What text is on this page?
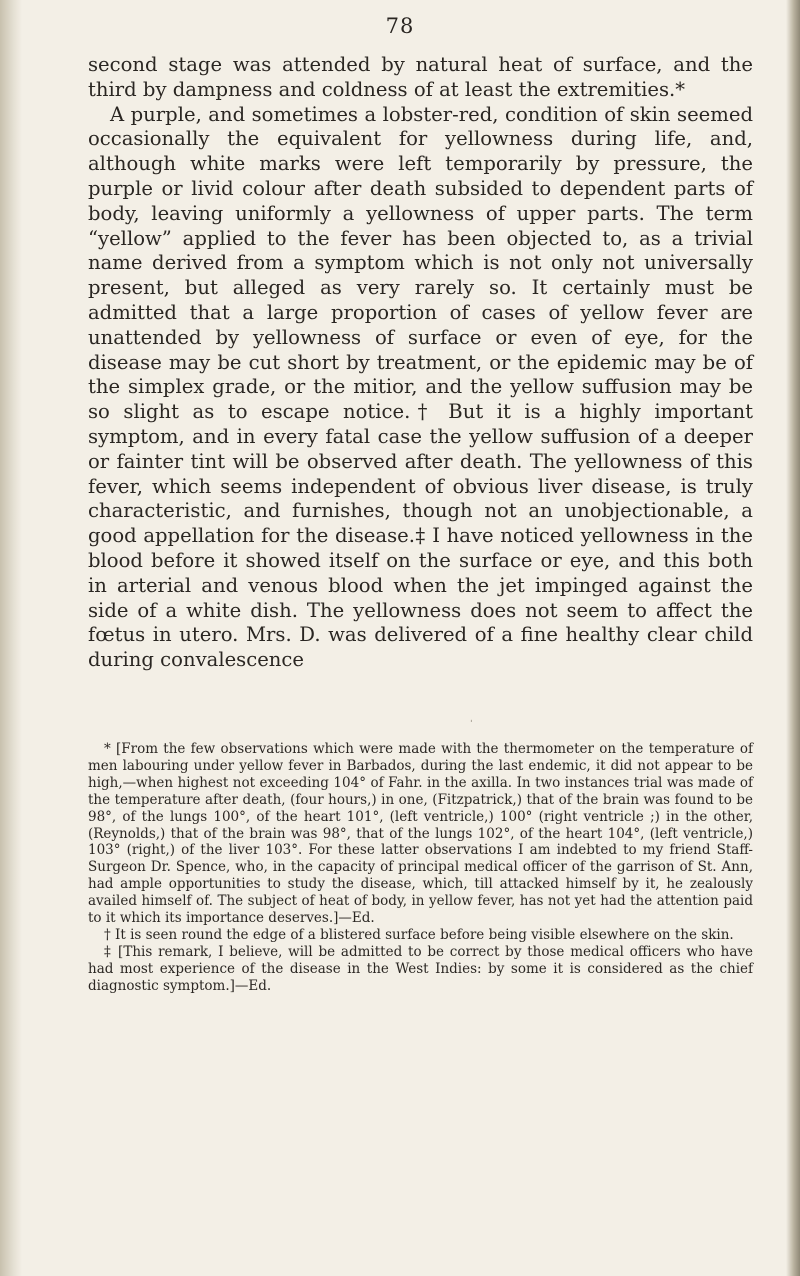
78

second stage was attended by natural heat of surface, and the third by dampness and coldness of at least the extremities.*

A purple, and sometimes a lobster-red, condition of skin seemed occasionally the equivalent for yellowness during life, and, although white marks were left temporarily by pressure, the purple or livid colour after death subsided to dependent parts of body, leaving uniformly a yellowness of upper parts. The term “yellow” applied to the fever has been objected to, as a trivial name derived from a symptom which is not only not universally present, but alleged as very rarely so. It certainly must be admitted that a large proportion of cases of yellow fever are unattended by yellowness of surface or even of eye, for the disease may be cut short by treatment, or the epidemic may be of the simplex grade, or the mitior, and the yellow suffusion may be so slight as to escape notice.† But it is a highly important symptom, and in every fatal case the yellow suffusion of a deeper or fainter tint will be observed after death. The yellowness of this fever, which seems independent of obvious liver disease, is truly characteristic, and furnishes, though not an unobjectionable, a good appellation for the disease.‡ I have noticed yellowness in the blood before it showed itself on the surface or eye, and this both in arterial and venous blood when the jet impinged against the side of a white dish. The yellowness does not seem to affect the fœtus in utero. Mrs. D. was delivered of a fine healthy clear child during convalescence

ˌ

* [From the few observations which were made with the thermometer on the temperature of men labouring under yellow fever in Barbados, during the last endemic, it did not appear to be high,—when highest not exceeding 104° of Fahr. in the axilla. In two instances trial was made of the temperature after death, (four hours,) in one, (Fitzpatrick,) that of the brain was found to be 98°, of the lungs 100°, of the heart 101°, (left ventricle,) 100° (right ventricle ;) in the other, (Reynolds,) that of the brain was 98°, that of the lungs 102°, of the heart 104°, (left ventricle,) 103° (right,) of the liver 103°. For these latter observations I am indebted to my friend Staff-Surgeon Dr. Spence, who, in the capacity of principal medical officer of the garrison of St. Ann, had ample opportunities to study the disease, which, till attacked himself by it, he zealously availed himself of. The subject of heat of body, in yellow fever, has not yet had the attention paid to it which its importance deserves.]—Ed.

† It is seen round the edge of a blistered surface before being visible elsewhere on the skin.

‡ [This remark, I believe, will be admitted to be correct by those medical officers who have had most experience of the disease in the West Indies: by some it is considered as the chief diagnostic symptom.]—Ed.
